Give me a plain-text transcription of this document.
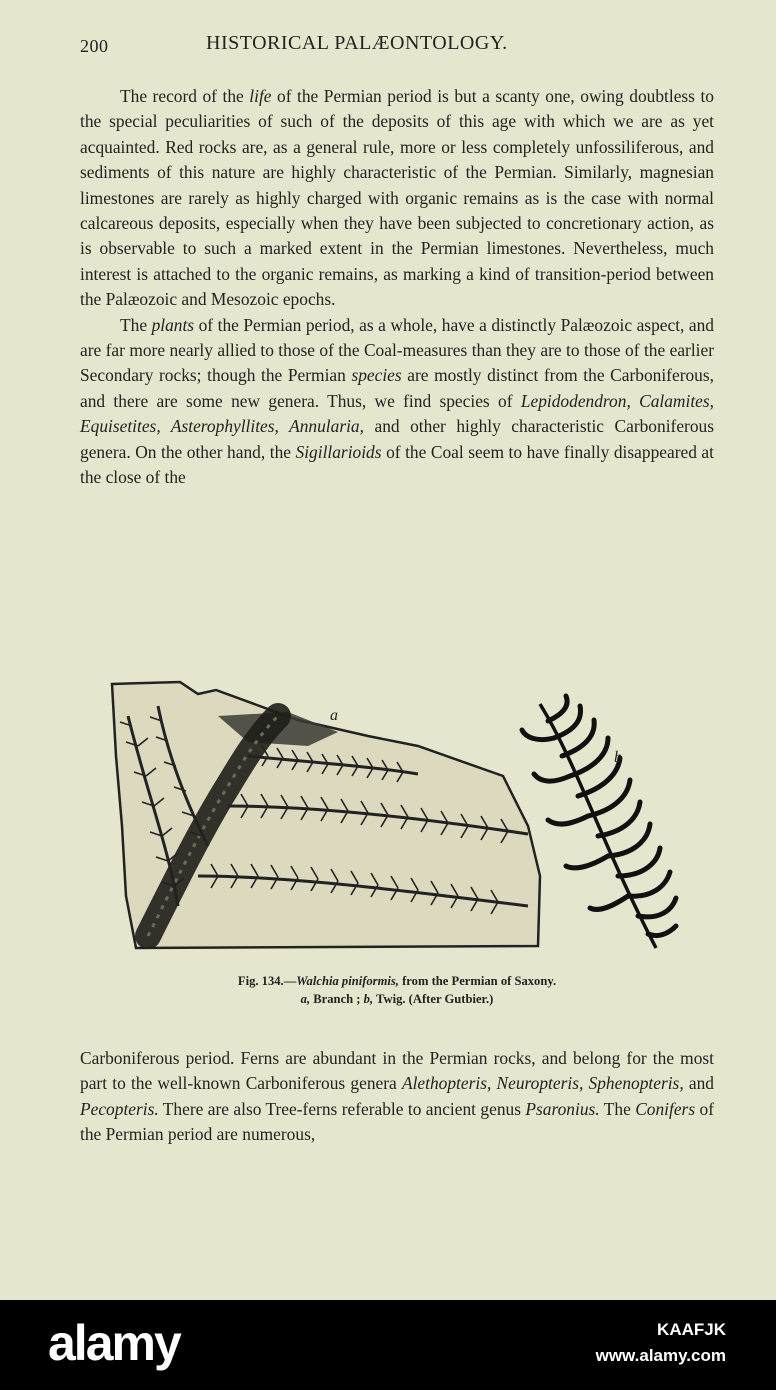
200	HISTORICAL PALÆONTOLOGY.

The record of the life of the Permian period is but a scanty one, owing doubtless to the special peculiarities of such of the deposits of this age with which we are as yet acquainted. Red rocks are, as a general rule, more or less completely unfossiliferous, and sediments of this nature are highly characteristic of the Permian. Similarly, magnesian limestones are rarely as highly charged with organic remains as is the case with normal calcareous deposits, especially when they have been subjected to concretionary action, as is observable to such a marked extent in the Permian limestones. Nevertheless, much interest is attached to the organic remains, as marking a kind of transition-period between the Palæozoic and Mesozoic epochs.

The plants of the Permian period, as a whole, have a distinctly Palæozoic aspect, and are far more nearly allied to those of the Coal-measures than they are to those of the earlier Secondary rocks; though the Permian species are mostly distinct from the Carboniferous, and there are some new genera. Thus, we find species of Lepidodendron, Calamites, Equisetites, Asterophyllites, Annularia, and other highly characteristic Carboniferous genera. On the other hand, the Sigillarioids of the Coal seem to have finally disappeared at the close of the

a
b
Fig. 134.—Walchia piniformis, from the Permian of Saxony.
a, Branch ; b, Twig. (After Gutbier.)

Carboniferous period. Ferns are abundant in the Permian rocks, and belong for the most part to the well-known Carboniferous genera Alethopteris, Neuropteris, Sphenopteris, and Pecopteris. There are also Tree-ferns referable to ancient genus Psaronius. The Conifers of the Permian period are numerous,

alamy	KAAFJK
www.alamy.com
